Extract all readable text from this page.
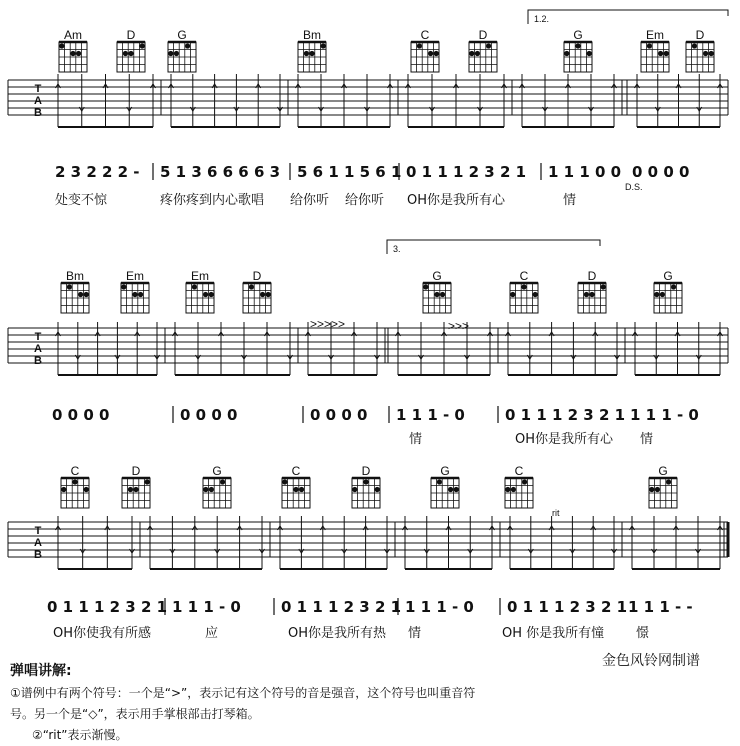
1.2.
3.
Am	D	G	Bm	C	D	G	Em	D
Bm	Em	Em	D	G	C	D	G
C	D	G	C	D	G	C	G
T
A
B
T
A
B
>>>>>	>>>
T
A
B
rit
2 3 2 2 2 - 5 1 3 6 6 6 6 3 5 6 1 1 5 6 1 0 1 1 1 2 3 2 1 1 1 1 0 0 0 0 0 0
D.S.
0 0 0 0	0 0 0 0	0 0 0 0 1 1 1 - 0	0 1 1 1 2 3 2 1 1 1 1 - 0
0 1 1 1 2 3 2 1 1 1 1 - 0	0 1 1 1 2 3 2 1 1 1 1 - 0 0 1 1 1 2 3 2 1 1 1 1 - -
处变不惊	疼你疼到内心歌唱 给你听 给你听 OH你是我所有心	情
情	OH你是我所有心 情
OH你使我有所感	应	OH你是我所有热 情	OH 你是我所有憧 憬
金色风铃网制谱
弹唱讲解:

①谱例中有两个符号：一个是“>”，表示记有这个符号的音是强音，这个符号也叫重音符

号。另一个是“◇”，表示用手掌根部击打琴箱。

②“rit”表示渐慢。
